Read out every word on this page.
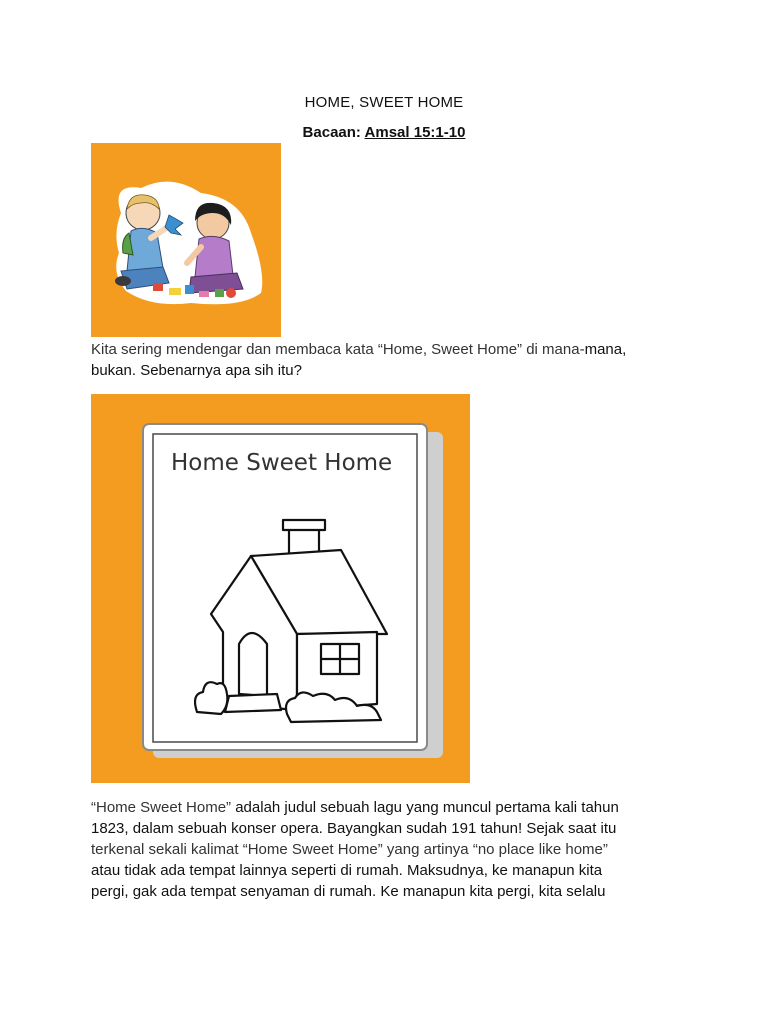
HOME, SWEET HOME
Bacaan: Amsal 15:1-10
Kita sering mendengar dan membaca kata “Home, Sweet Home” di mana-mana,
bukan. Sebenarnya apa sih itu?
Home Sweet Home
“Home Sweet Home” adalah judul sebuah lagu yang muncul pertama kali tahun
1823, dalam sebuah konser opera. Bayangkan sudah 191 tahun! Sejak saat itu
terkenal sekali kalimat “Home Sweet Home” yang artinya “no place like home”
atau tidak ada tempat lainnya seperti di rumah. Maksudnya, ke manapun kita
pergi, gak ada tempat senyaman di rumah. Ke manapun kita pergi, kita selalu
